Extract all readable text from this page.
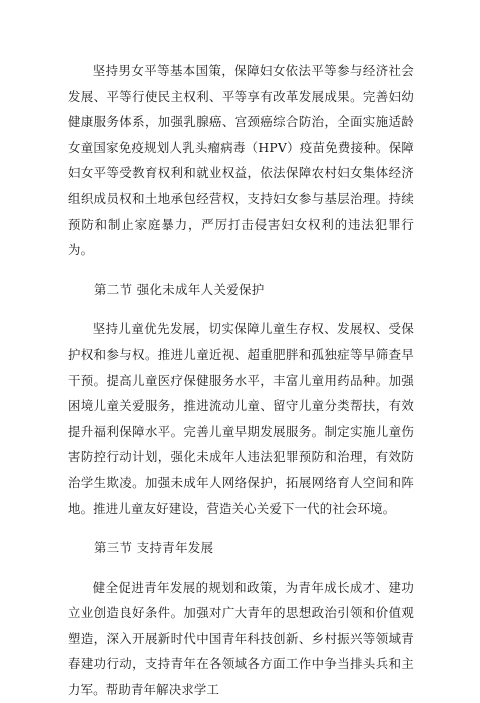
坚持男女平等基本国策，保障妇女依法平等参与经济社会发展、平等行使民主权利、平等享有改革发展成果。完善妇幼健康服务体系，加强乳腺癌、宫颈癌综合防治，全面实施适龄女童国家免疫规划人乳头瘤病毒（HPV）疫苗免费接种。保障妇女平等受教育权利和就业权益，依法保障农村妇女集体经济组织成员权和土地承包经营权，支持妇女参与基层治理。持续预防和制止家庭暴力，严厉打击侵害妇女权利的违法犯罪行为。

第二节 强化未成年人关爱保护

坚持儿童优先发展，切实保障儿童生存权、发展权、受保护权和参与权。推进儿童近视、超重肥胖和孤独症等早筛查早干预。提高儿童医疗保健服务水平，丰富儿童用药品种。加强困境儿童关爱服务，推进流动儿童、留守儿童分类帮扶，有效提升福利保障水平。完善儿童早期发展服务。制定实施儿童伤害防控行动计划，强化未成年人违法犯罪预防和治理，有效防治学生欺凌。加强未成年人网络保护，拓展网络育人空间和阵地。推进儿童友好建设，营造关心关爱下一代的社会环境。

第三节 支持青年发展

健全促进青年发展的规划和政策，为青年成长成才、建功立业创造良好条件。加强对广大青年的思想政治引领和价值观塑造，深入开展新时代中国青年科技创新、乡村振兴等领域青春建功行动，支持青年在各领域各方面工作中争当排头兵和主力军。帮助青年解决求学工
